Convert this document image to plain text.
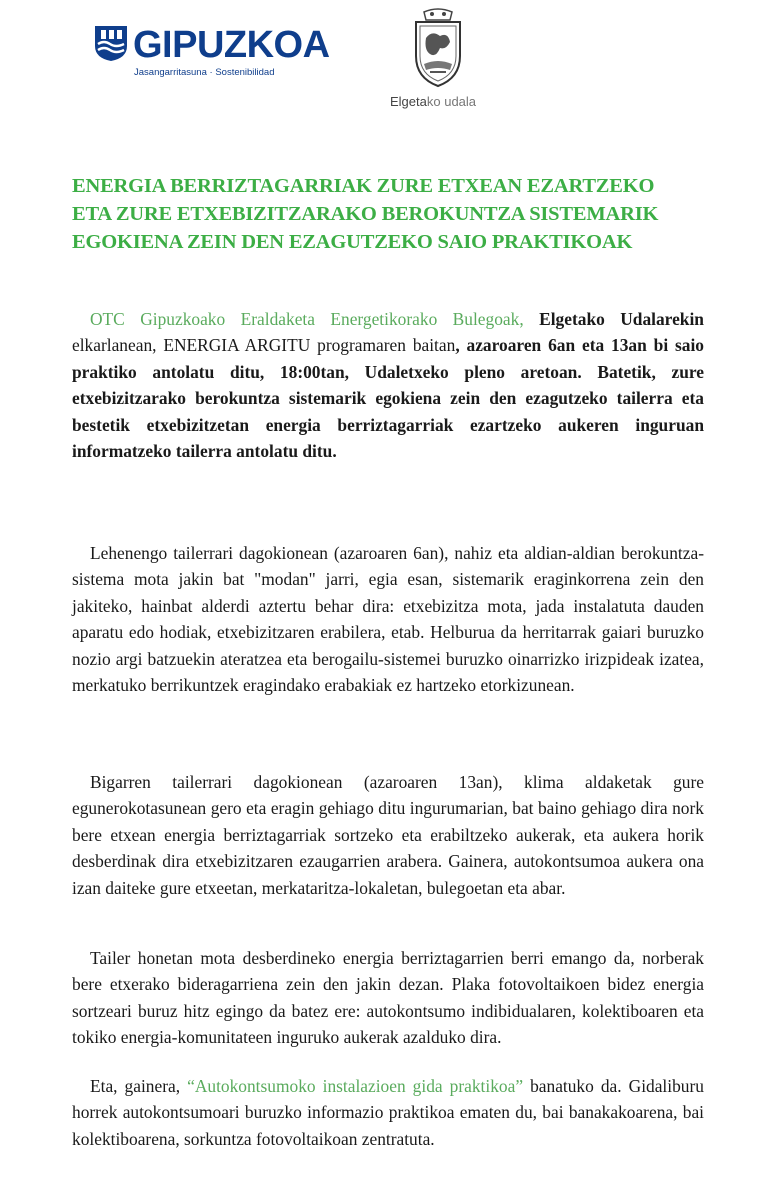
GIPUZKOA
Jasangarritasuna · Sostenibilidad
Elgetako udala
ENERGIA BERRIZTAGARRIAK ZURE ETXEAN EZARTZEKO ETA ZURE ETXEBIZITZARAKO BEROKUNTZA SISTEMARIK EGOKIENA ZEIN DEN EZAGUTZEKO SAIO PRAKTIKOAK

OTC Gipuzkoako Eraldaketa Energetikorako Bulegoak, Elgetako Udalarekin elkarlanean, ENERGIA ARGITU programaren baitan, azaroaren 6an eta 13an bi saio praktiko antolatu ditu, 18:00tan, Udaletxeko pleno aretoan. Batetik, zure etxebizitzarako berokuntza sistemarik egokiena zein den ezagutzeko tailerra eta bestetik etxebizitzetan energia berriztagarriak ezartzeko aukeren inguruan informatzeko tailerra antolatu ditu.

Lehenengo tailerrari dagokionean (azaroaren 6an), nahiz eta aldian-aldian berokuntza-sistema mota jakin bat "modan" jarri, egia esan, sistemarik eraginkorrena zein den jakiteko, hainbat alderdi aztertu behar dira: etxebizitza mota, jada instalatuta dauden aparatu edo hodiak, etxebizitzaren erabilera, etab. Helburua da herritarrak gaiari buruzko nozio argi batzuekin ateratzea eta berogailu-sistemei buruzko oinarrizko irizpideak izatea, merkatuko berrikuntzek eragindako erabakiak ez hartzeko etorkizunean.

Bigarren tailerrari dagokionean (azaroaren 13an), klima aldaketak gure egunerokotasunean gero eta eragin gehiago ditu ingurumarian, bat baino gehiago dira nork bere etxean energia berriztagarriak sortzeko eta erabiltzeko aukerak, eta aukera horik desberdinak dira etxebizitzaren ezaugarrien arabera. Gainera, autokontsumoa aukera ona izan daiteke gure etxeetan, merkataritza-lokaletan, bulegoetan eta abar.

Tailer honetan mota desberdineko energia berriztagarrien berri emango da, norberak bere etxerako bideragarriena zein den jakin dezan. Plaka fotovoltaikoen bidez energia sortzeari buruz hitz egingo da batez ere: autokontsumo indibidualaren, kolektiboaren eta tokiko energia-komunitateen inguruko aukerak azalduko dira.

Eta, gainera, “Autokontsumoko instalazioen gida praktikoa” banatuko da. Gidaliburu horrek autokontsumoari buruzko informazio praktikoa ematen du, bai banakakoarena, bai kolektiboarena, sorkuntza fotovoltaikoan zentratuta.
